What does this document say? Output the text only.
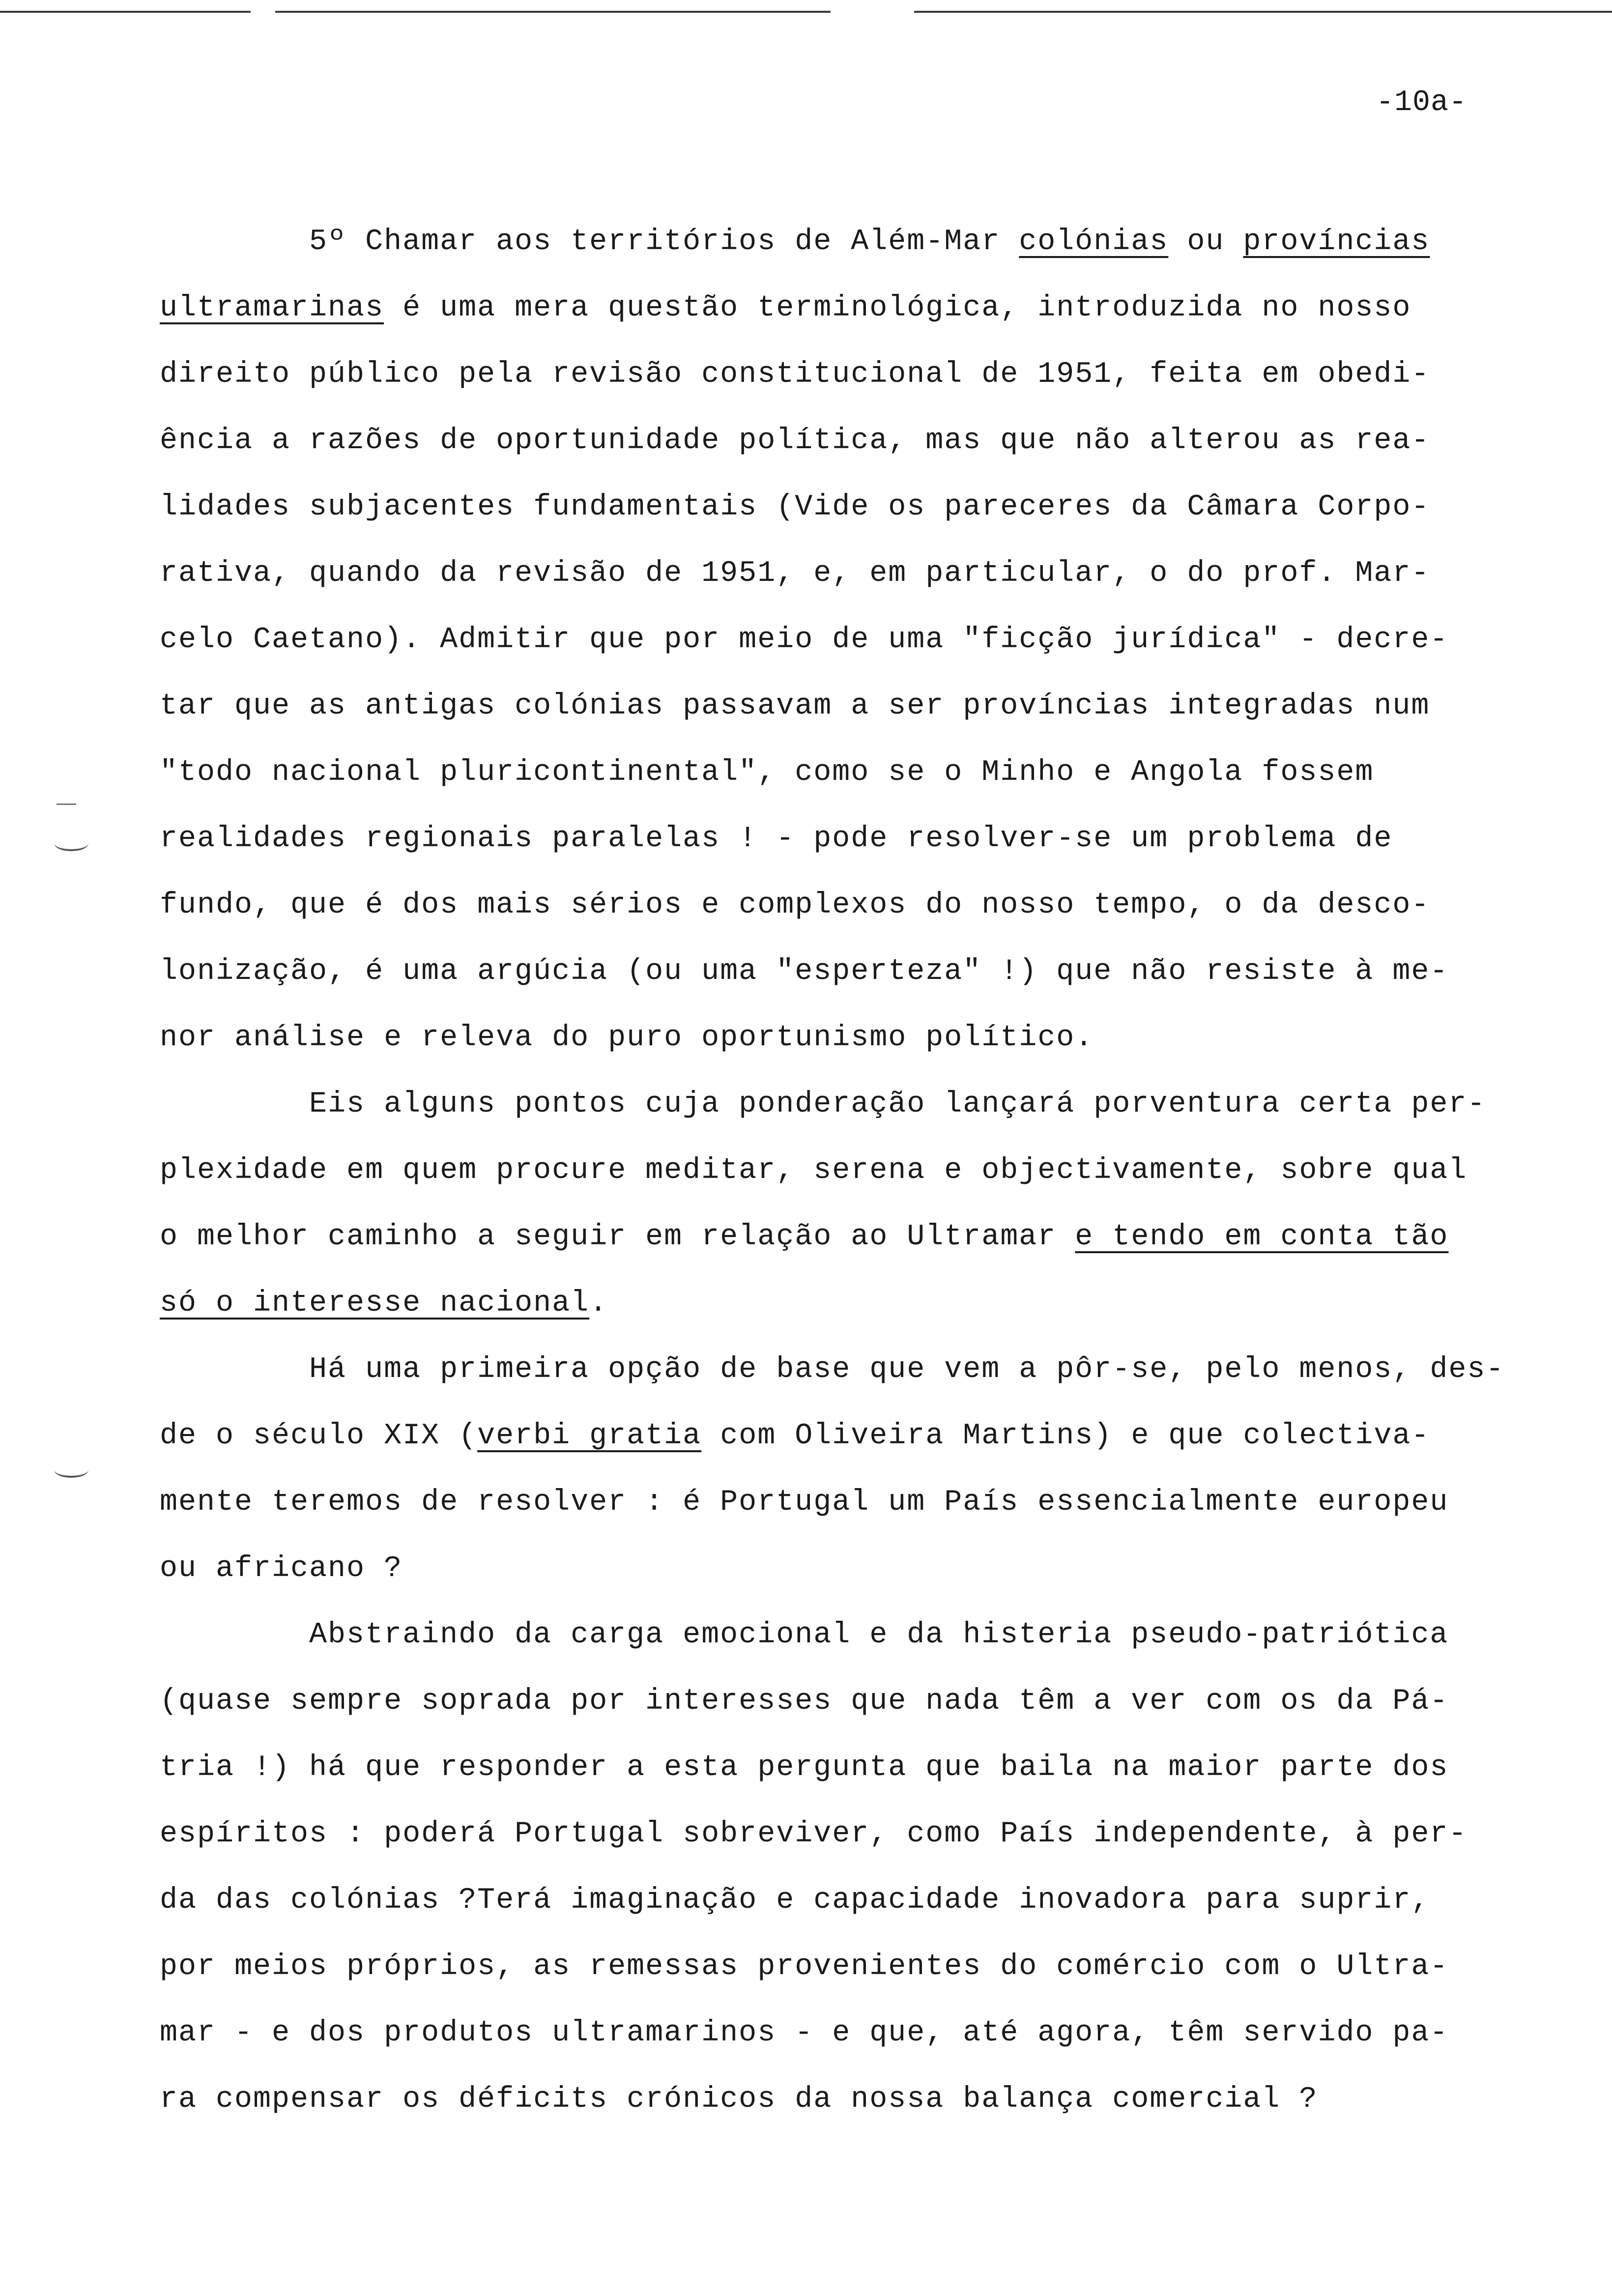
-10a-
5º Chamar aos territórios de Além-Mar colónias ou províncias
ultramarinas é uma mera questão terminológica, introduzida no nosso
direito público pela revisão constitucional de 1951, feita em obedi-
ência a razões de oportunidade política, mas que não alterou as rea-
lidades subjacentes fundamentais (Vide os pareceres da Câmara Corpo-
rativa, quando da revisão de 1951, e, em particular, o do prof. Mar-
celo Caetano). Admitir que por meio de uma "ficção jurídica" - decre-
tar que as antigas colónias passavam a ser províncias integradas num
"todo nacional pluricontinental", como se o Minho e Angola fossem
realidades regionais paralelas ! - pode resolver-se um problema de
fundo, que é dos mais sérios e complexos do nosso tempo, o da desco-
lonização, é uma argúcia (ou uma "esperteza" !) que não resiste à me-
nor análise e releva do puro oportunismo político.
Eis alguns pontos cuja ponderação lançará porventura certa per-
plexidade em quem procure meditar, serena e objectivamente, sobre qual
o melhor caminho a seguir em relação ao Ultramar e tendo em conta tão
só o interesse nacional.
Há uma primeira opção de base que vem a pôr-se, pelo menos, des-
de o século XIX (verbi gratia com Oliveira Martins) e que colectiva-
mente teremos de resolver : é Portugal um País essencialmente europeu
ou africano ?
Abstraindo da carga emocional e da histeria pseudo-patriótica
(quase sempre soprada por interesses que nada têm a ver com os da Pá-
tria !) há que responder a esta pergunta que baila na maior parte dos
espíritos : poderá Portugal sobreviver, como País independente, à per-
da das colónias ?Terá imaginação e capacidade inovadora para suprir,
por meios próprios, as remessas provenientes do comércio com o Ultra-
mar - e dos produtos ultramarinos - e que, até agora, têm servido pa-
ra compensar os déficits crónicos da nossa balança comercial ?
